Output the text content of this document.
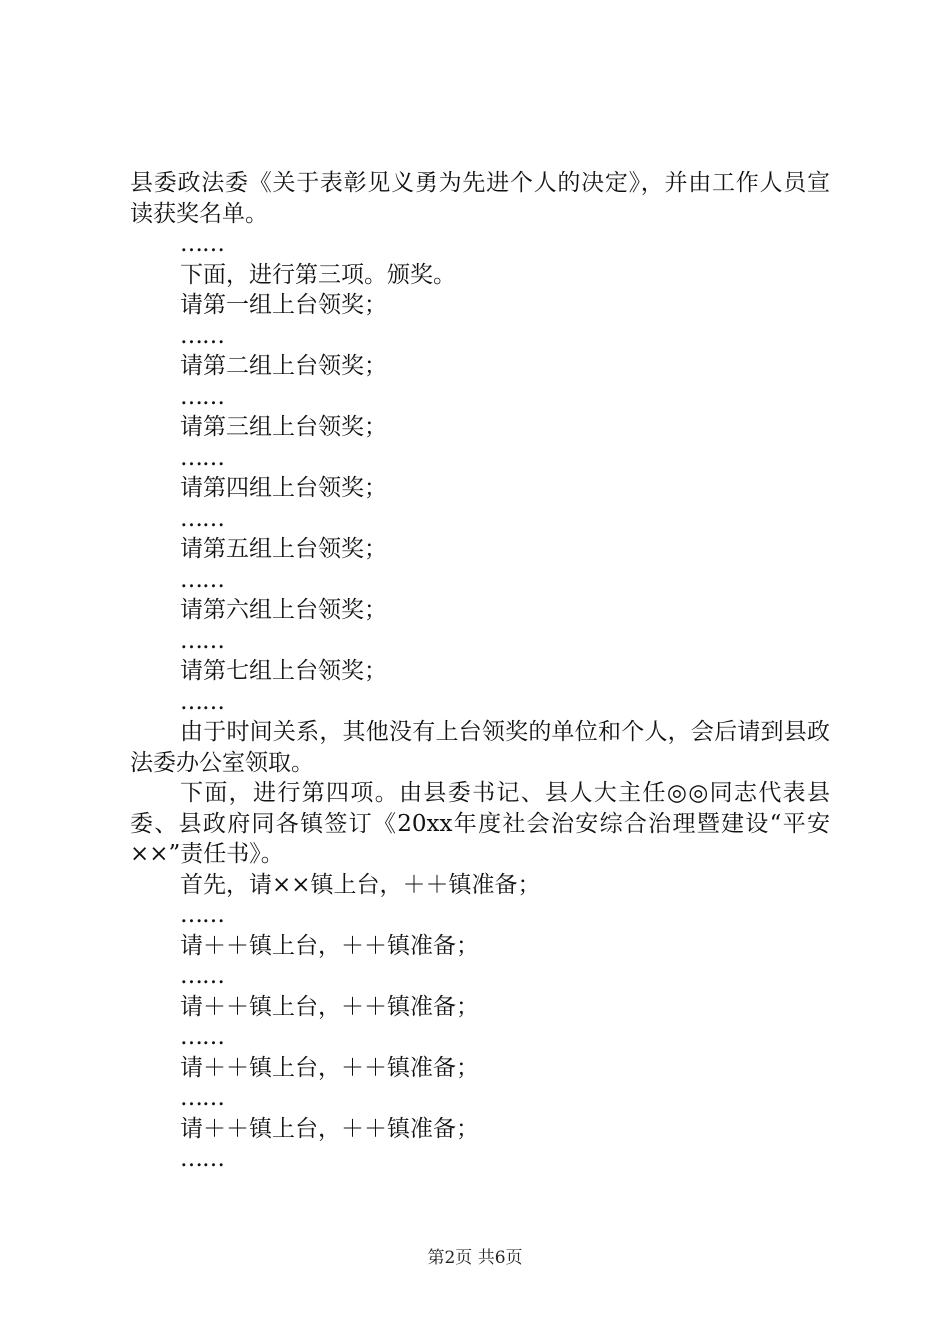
县委政法委《关于表彰见义勇为先进个人的决定》，并由工作人员宣读获奖名单。

……

下面，进行第三项。颁奖。

请第一组上台领奖；

……

请第二组上台领奖；

……

请第三组上台领奖；

……

请第四组上台领奖；

……

请第五组上台领奖；

……

请第六组上台领奖；

……

请第七组上台领奖；

……

由于时间关系，其他没有上台领奖的单位和个人，会后请到县政法委办公室领取。

下面，进行第四项。由县委书记、县人大主任◎◎同志代表县委、县政府同各镇签订《20xx年度社会治安综合治理暨建设“平安××”责任书》。

首先，请××镇上台，＋＋镇准备；

……

请＋＋镇上台，＋＋镇准备；

……

请＋＋镇上台，＋＋镇准备；

……

请＋＋镇上台，＋＋镇准备；

……

请＋＋镇上台，＋＋镇准备；

……

第2页 共6页
